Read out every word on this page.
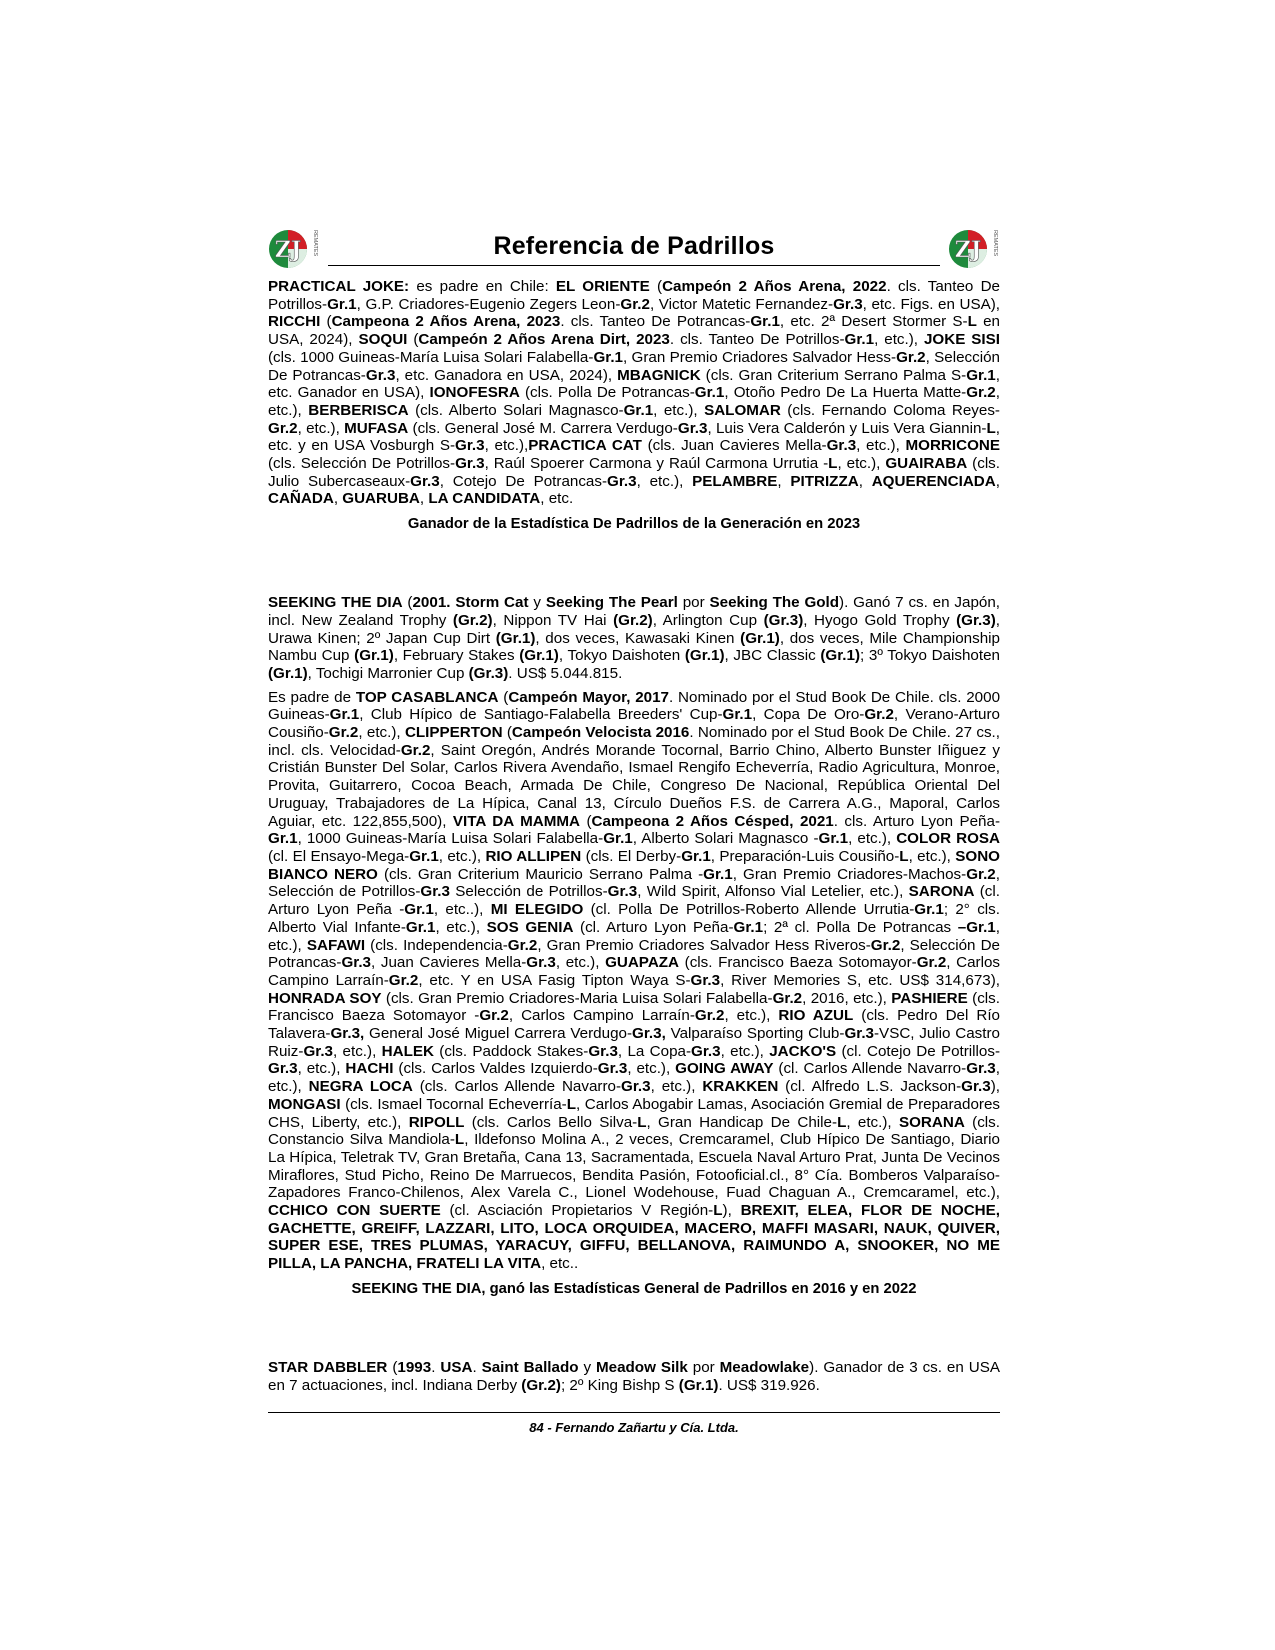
ZJ REMATES	Referencia de Padrillos	ZJ REMATES

PRACTICAL JOKE: es padre en Chile: EL ORIENTE (Campeón 2 Años Arena, 2022. cls. Tanteo De Potrillos-Gr.1, G.P. Criadores-Eugenio Zegers Leon-Gr.2, Victor Matetic Fernandez-Gr.3, etc. Figs. en USA), RICCHI (Campeona 2 Años Arena, 2023. cls. Tanteo De Potrancas-Gr.1, etc. 2ª Desert Stormer S-L en USA, 2024), SOQUI (Campeón 2 Años Arena Dirt, 2023. cls. Tanteo De Potrillos-Gr.1, etc.), JOKE SISI (cls. 1000 Guineas-María Luisa Solari Falabella-Gr.1, Gran Premio Criadores Salvador Hess-Gr.2, Selección De Potrancas-Gr.3, etc. Ganadora en USA, 2024), MBAGNICK (cls. Gran Criterium Serrano Palma S-Gr.1, etc. Ganador en USA), IONOFESRA (cls. Polla De Potrancas-Gr.1, Otoño Pedro De La Huerta Matte-Gr.2, etc.), BERBERISCA (cls. Alberto Solari Magnasco-Gr.1, etc.), SALOMAR (cls. Fernando Coloma Reyes-Gr.2, etc.), MUFASA (cls. General José M. Carrera Verdugo-Gr.3, Luis Vera Calderón y Luis Vera Giannin-L, etc. y en USA Vosburgh S-Gr.3, etc.),PRACTICA CAT (cls. Juan Cavieres Mella-Gr.3, etc.), MORRICONE (cls. Selección De Potrillos-Gr.3, Raúl Spoerer Carmona y Raúl Carmona Urrutia -L, etc.), GUAIRABA (cls. Julio Subercaseaux-Gr.3, Cotejo De Potrancas-Gr.3, etc.), PELAMBRE, PITRIZZA, AQUERENCIADA, CAÑADA, GUARUBA, LA CANDIDATA, etc.

Ganador de la Estadística De Padrillos de la Generación en 2023

SEEKING THE DIA (2001. Storm Cat y Seeking The Pearl por Seeking The Gold). Ganó 7 cs. en Japón, incl. New Zealand Trophy (Gr.2), Nippon TV Hai (Gr.2), Arlington Cup (Gr.3), Hyogo Gold Trophy (Gr.3), Urawa Kinen; 2º Japan Cup Dirt (Gr.1), dos veces, Kawasaki Kinen (Gr.1), dos veces, Mile Championship Nambu Cup (Gr.1), February Stakes (Gr.1), Tokyo Daishoten (Gr.1), JBC Classic (Gr.1); 3º Tokyo Daishoten (Gr.1), Tochigi Marronier Cup (Gr.3). US$ 5.044.815.

Es padre de TOP CASABLANCA (Campeón Mayor, 2017. Nominado por el Stud Book De Chile. cls. 2000 Guineas-Gr.1, Club Hípico de Santiago-Falabella Breeders' Cup-Gr.1, Copa De Oro-Gr.2, Verano-Arturo Cousiño-Gr.2, etc.), CLIPPERTON (Campeón Velocista 2016. Nominado por el Stud Book De Chile. 27 cs., incl. cls. Velocidad-Gr.2, Saint Oregón, Andrés Morande Tocornal, Barrio Chino, Alberto Bunster Iñiguez y Cristián Bunster Del Solar, Carlos Rivera Avendaño, Ismael Rengifo Echeverría, Radio Agricultura, Monroe, Provita, Guitarrero, Cocoa Beach, Armada De Chile, Congreso De Nacional, República Oriental Del Uruguay, Trabajadores de La Hípica, Canal 13, Círculo Dueños F.S. de Carrera A.G., Maporal, Carlos Aguiar, etc. 122,855,500), VITA DA MAMMA (Campeona 2 Años Césped, 2021. cls. Arturo Lyon Peña-Gr.1, 1000 Guineas-María Luisa Solari Falabella-Gr.1, Alberto Solari Magnasco -Gr.1, etc.), COLOR ROSA (cl. El Ensayo-Mega-Gr.1, etc.), RIO ALLIPEN (cls. El Derby-Gr.1, Preparación-Luis Cousiño-L, etc.), SONO BIANCO NERO (cls. Gran Criterium Mauricio Serrano Palma -Gr.1, Gran Premio Criadores-Machos-Gr.2, Selección de Potrillos-Gr.3 Selección de Potrillos-Gr.3, Wild Spirit, Alfonso Vial Letelier, etc.), SARONA (cl. Arturo Lyon Peña -Gr.1, etc..), MI ELEGIDO (cl. Polla De Potrillos-Roberto Allende Urrutia-Gr.1; 2° cls. Alberto Vial Infante-Gr.1, etc.), SOS GENIA (cl. Arturo Lyon Peña-Gr.1; 2ª cl. Polla De Potrancas –Gr.1, etc.), SAFAWI (cls. Independencia-Gr.2, Gran Premio Criadores Salvador Hess Riveros-Gr.2, Selección De Potrancas-Gr.3, Juan Cavieres Mella-Gr.3, etc.), GUAPAZA (cls. Francisco Baeza Sotomayor-Gr.2, Carlos Campino Larraín-Gr.2, etc. Y en USA Fasig Tipton Waya S-Gr.3, River Memories S, etc. US$ 314,673), HONRADA SOY (cls. Gran Premio Criadores-Maria Luisa Solari Falabella-Gr.2, 2016, etc.), PASHIERE (cls. Francisco Baeza Sotomayor -Gr.2, Carlos Campino Larraín-Gr.2, etc.), RIO AZUL (cls. Pedro Del Río Talavera-Gr.3, General José Miguel Carrera Verdugo-Gr.3, Valparaíso Sporting Club-Gr.3-VSC, Julio Castro Ruiz-Gr.3, etc.), HALEK (cls. Paddock Stakes-Gr.3, La Copa-Gr.3, etc.), JACKO'S (cl. Cotejo De Potrillos-Gr.3, etc.), HACHI (cls. Carlos Valdes Izquierdo-Gr.3, etc.), GOING AWAY (cl. Carlos Allende Navarro-Gr.3, etc.), NEGRA LOCA (cls. Carlos Allende Navarro-Gr.3, etc.), KRAKKEN (cl. Alfredo L.S. Jackson-Gr.3), MONGASI (cls. Ismael Tocornal Echeverría-L, Carlos Abogabir Lamas, Asociación Gremial de Preparadores CHS, Liberty, etc.), RIPOLL (cls. Carlos Bello Silva-L, Gran Handicap De Chile-L, etc.), SORANA (cls. Constancio Silva Mandiola-L, Ildefonso Molina A., 2 veces, Cremcaramel, Club Hípico De Santiago, Diario La Hípica, Teletrak TV, Gran Bretaña, Cana 13, Sacramentada, Escuela Naval Arturo Prat, Junta De Vecinos Miraflores, Stud Picho, Reino De Marruecos, Bendita Pasión, Fotooficial.cl., 8° Cía. Bomberos Valparaíso-Zapadores Franco-Chilenos, Alex Varela C., Lionel Wodehouse, Fuad Chaguan A., Cremcaramel, etc.), CCHICO CON SUERTE (cl. Asciación Propietarios V Región-L), BREXIT, ELEA, FLOR DE NOCHE, GACHETTE, GREIFF, LAZZARI, LITO, LOCA ORQUIDEA, MACERO, MAFFI MASARI, NAUK, QUIVER, SUPER ESE, TRES PLUMAS, YARACUY, GIFFU, BELLANOVA, RAIMUNDO A, SNOOKER, NO ME PILLA, LA PANCHA, FRATELI LA VITA, etc..

SEEKING THE DIA, ganó las Estadísticas General de Padrillos en 2016 y en 2022

STAR DABBLER (1993. USA. Saint Ballado y Meadow Silk por Meadowlake). Ganador de 3 cs. en USA en 7 actuaciones, incl. Indiana Derby (Gr.2); 2º King Bishp S (Gr.1). US$ 319.926.

84 - Fernando Zañartu y Cía. Ltda.
